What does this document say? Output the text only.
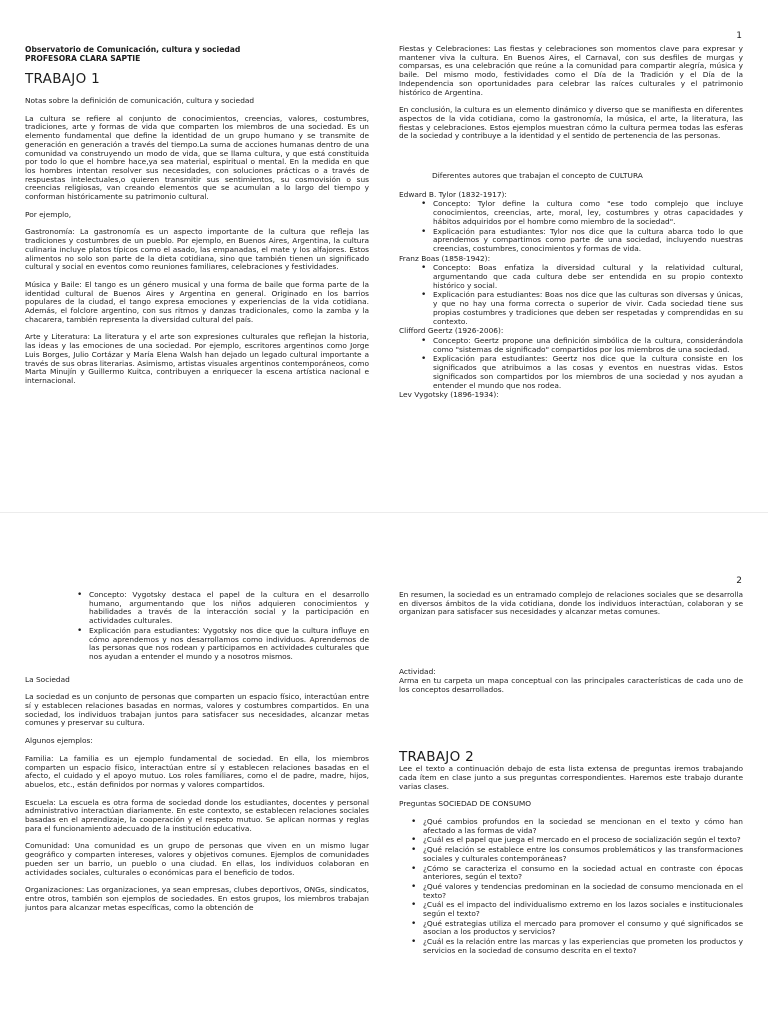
1

Observatorio de Comunicación, cultura y sociedad

PROFESORA CLARA SAPTIE

TRABAJO 1

Notas sobre la definición de comunicación, cultura y sociedad

La cultura se refiere al conjunto de conocimientos, creencias, valores, costumbres, tradiciones, arte y formas de vida que comparten los miembros de una sociedad. Es un elemento fundamental que define la identidad de un grupo humano y se transmite de generación en generación a través del tiempo.La suma de acciones humanas dentro de una comunidad va construyendo un modo de vida, que se llama cultura, y que está constituida por todo lo que el hombre hace,ya sea material, espiritual o mental. En la medida en que los hombres intentan resolver sus necesidades, con soluciones prácticas o a través de respuestas intelectuales,o quieren transmitir sus sentimientos, su cosmovisión o sus creencias religiosas, van creando elementos que se acumulan a lo largo del tiempo y conforman históricamente su patrimonio cultural.

Por ejemplo,

Gastronomía: La gastronomía es un aspecto importante de la cultura que refleja las tradiciones y costumbres de un pueblo. Por ejemplo, en Buenos Aires, Argentina, la cultura culinaria incluye platos típicos como el asado, las empanadas, el mate y los alfajores. Estos alimentos no solo son parte de la dieta cotidiana, sino que también tienen un significado cultural y social en eventos como reuniones familiares, celebraciones y festividades.

Música y Baile: El tango es un género musical y una forma de baile que forma parte de la identidad cultural de Buenos Aires y Argentina en general. Originado en los barrios populares de la ciudad, el tango expresa emociones y experiencias de la vida cotidiana. Además, el folclore argentino, con sus ritmos y danzas tradicionales, como la zamba y la chacarera, también representa la diversidad cultural del país.

Arte y Literatura: La literatura y el arte son expresiones culturales que reflejan la historia, las ideas y las emociones de una sociedad. Por ejemplo, escritores argentinos como Jorge Luis Borges, Julio Cortázar y María Elena Walsh han dejado un legado cultural importante a través de sus obras literarias. Asimismo, artistas visuales argentinos contemporáneos, como Marta Minujín y Guillermo Kuitca, contribuyen a enriquecer la escena artística nacional e internacional.

Fiestas y Celebraciones: Las fiestas y celebraciones son momentos clave para expresar y mantener viva la cultura. En Buenos Aires, el Carnaval, con sus desfiles de murgas y comparsas, es una celebración que reúne a la comunidad para compartir alegría, música y baile. Del mismo modo, festividades como el Día de la Tradición y el Día de la Independencia son oportunidades para celebrar las raíces culturales y el patrimonio histórico de Argentina.

En conclusión, la cultura es un elemento dinámico y diverso que se manifiesta en diferentes aspectos de la vida cotidiana, como la gastronomía, la música, el arte, la literatura, las fiestas y celebraciones. Estos ejemplos muestran cómo la cultura permea todas las esferas de la sociedad y contribuye a la identidad y el sentido de pertenencia de las personas.

Diferentes autores que trabajan el concepto de CULTURA

Edward B. Tylor (1832-1917):

• Concepto: Tylor define la cultura como "ese todo complejo que incluye conocimientos, creencias, arte, moral, ley, costumbres y otras capacidades y hábitos adquiridos por el hombre como miembro de la sociedad".
• Explicación para estudiantes: Tylor nos dice que la cultura abarca todo lo que aprendemos y compartimos como parte de una sociedad, incluyendo nuestras creencias, costumbres, conocimientos y formas de vida.

Franz Boas (1858-1942):

• Concepto: Boas enfatiza la diversidad cultural y la relatividad cultural, argumentando que cada cultura debe ser entendida en su propio contexto histórico y social.
• Explicación para estudiantes: Boas nos dice que las culturas son diversas y únicas, y que no hay una forma correcta o superior de vivir. Cada sociedad tiene sus propias costumbres y tradiciones que deben ser respetadas y comprendidas en su contexto.

Clifford Geertz (1926-2006):

• Concepto: Geertz propone una definición simbólica de la cultura, considerándola como "sistemas de significado" compartidos por los miembros de una sociedad.
• Explicación para estudiantes: Geertz nos dice que la cultura consiste en los significados que atribuimos a las cosas y eventos en nuestras vidas. Estos significados son compartidos por los miembros de una sociedad y nos ayudan a entender el mundo que nos rodea.

Lev Vygotsky (1896-1934):

2
• Concepto: Vygotsky destaca el papel de la cultura en el desarrollo humano, argumentando que los niños adquieren conocimientos y habilidades a través de la interacción social y la participación en actividades culturales.
• Explicación para estudiantes: Vygotsky nos dice que la cultura influye en cómo aprendemos y nos desarrollamos como individuos. Aprendemos de las personas que nos rodean y participamos en actividades culturales que nos ayudan a entender el mundo y a nosotros mismos.

La Sociedad

La sociedad es un conjunto de personas que comparten un espacio físico, interactúan entre sí y establecen relaciones basadas en normas, valores y costumbres compartidos. En una sociedad, los individuos trabajan juntos para satisfacer sus necesidades, alcanzar metas comunes y preservar su cultura.

Algunos ejemplos:

Familia: La familia es un ejemplo fundamental de sociedad. En ella, los miembros comparten un espacio físico, interactúan entre sí y establecen relaciones basadas en el afecto, el cuidado y el apoyo mutuo. Los roles familiares, como el de padre, madre, hijos, abuelos, etc., están definidos por normas y valores compartidos.

Escuela: La escuela es otra forma de sociedad donde los estudiantes, docentes y personal administrativo interactúan diariamente. En este contexto, se establecen relaciones sociales basadas en el aprendizaje, la cooperación y el respeto mutuo. Se aplican normas y reglas para el funcionamiento adecuado de la institución educativa.

Comunidad: Una comunidad es un grupo de personas que viven en un mismo lugar geográfico y comparten intereses, valores y objetivos comunes. Ejemplos de comunidades pueden ser un barrio, un pueblo o una ciudad. En ellas, los individuos colaboran en actividades sociales, culturales o económicas para el beneficio de todos.

Organizaciones: Las organizaciones, ya sean empresas, clubes deportivos, ONGs, sindicatos, entre otros, también son ejemplos de sociedades. En estos grupos, los miembros trabajan juntos para alcanzar metas específicas, como la obtención de

En resumen, la sociedad es un entramado complejo de relaciones sociales que se desarrolla en diversos ámbitos de la vida cotidiana, donde los individuos interactúan, colaboran y se organizan para satisfacer sus necesidades y alcanzar metas comunes.

Actividad:

Arma en tu carpeta un mapa conceptual con las principales características de cada uno de los conceptos desarrollados.

TRABAJO 2

Lee el texto a continuación debajo de esta lista extensa de preguntas iremos trabajando cada ítem en clase junto a sus preguntas correspondientes. Haremos este trabajo durante varias clases.

Preguntas SOCIEDAD DE CONSUMO

• ¿Qué cambios profundos en la sociedad se mencionan en el texto y cómo han afectado a las formas de vida?
• ¿Cuál es el papel que juega el mercado en el proceso de socialización según el texto?
• ¿Qué relación se establece entre los consumos problemáticos y las transformaciones sociales y culturales contemporáneas?
• ¿Cómo se caracteriza el consumo en la sociedad actual en contraste con épocas anteriores, según el texto?
• ¿Qué valores y tendencias predominan en la sociedad de consumo mencionada en el texto?
• ¿Cuál es el impacto del individualismo extremo en los lazos sociales e institucionales según el texto?
• ¿Qué estrategias utiliza el mercado para promover el consumo y qué significados se asocian a los productos y servicios?
• ¿Cuál es la relación entre las marcas y las experiencias que prometen los productos y servicios en la sociedad de consumo descrita en el texto?
